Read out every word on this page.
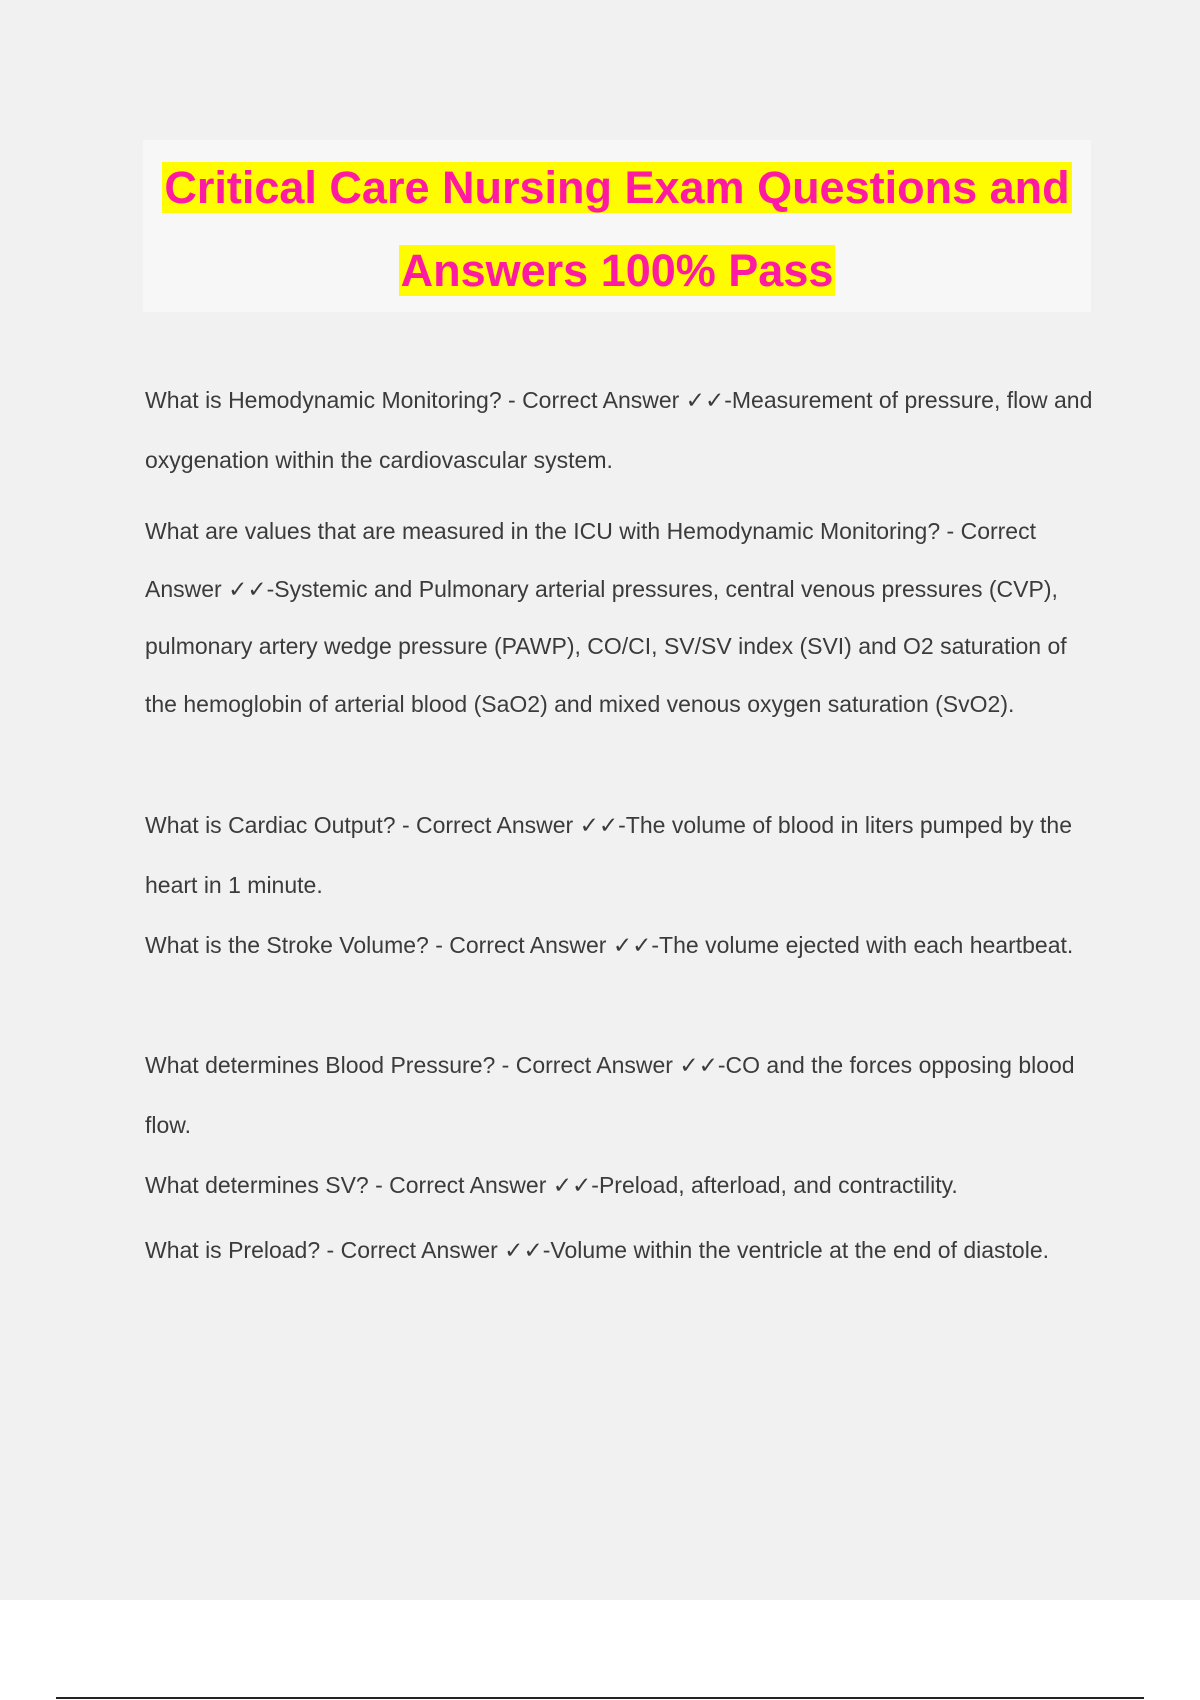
Critical Care Nursing Exam Questions and
Answers 100% Pass

What is Hemodynamic Monitoring? - Correct Answer ✓✓-Measurement of pressure, flow and oxygenation within the cardiovascular system.

What are values that are measured in the ICU with Hemodynamic Monitoring? - Correct Answer ✓✓-Systemic and Pulmonary arterial pressures, central venous pressures (CVP), pulmonary artery wedge pressure (PAWP), CO/CI, SV/SV index (SVI) and O2 saturation of the hemoglobin of arterial blood (SaO2) and mixed venous oxygen saturation (SvO2).

What is Cardiac Output? - Correct Answer ✓✓-The volume of blood in liters pumped by the heart in 1 minute.

What is the Stroke Volume? - Correct Answer ✓✓-The volume ejected with each heartbeat.

What determines Blood Pressure? - Correct Answer ✓✓-CO and the forces opposing blood flow.

What determines SV? - Correct Answer ✓✓-Preload, afterload, and contractility.

What is Preload? - Correct Answer ✓✓-Volume within the ventricle at the end of diastole.
